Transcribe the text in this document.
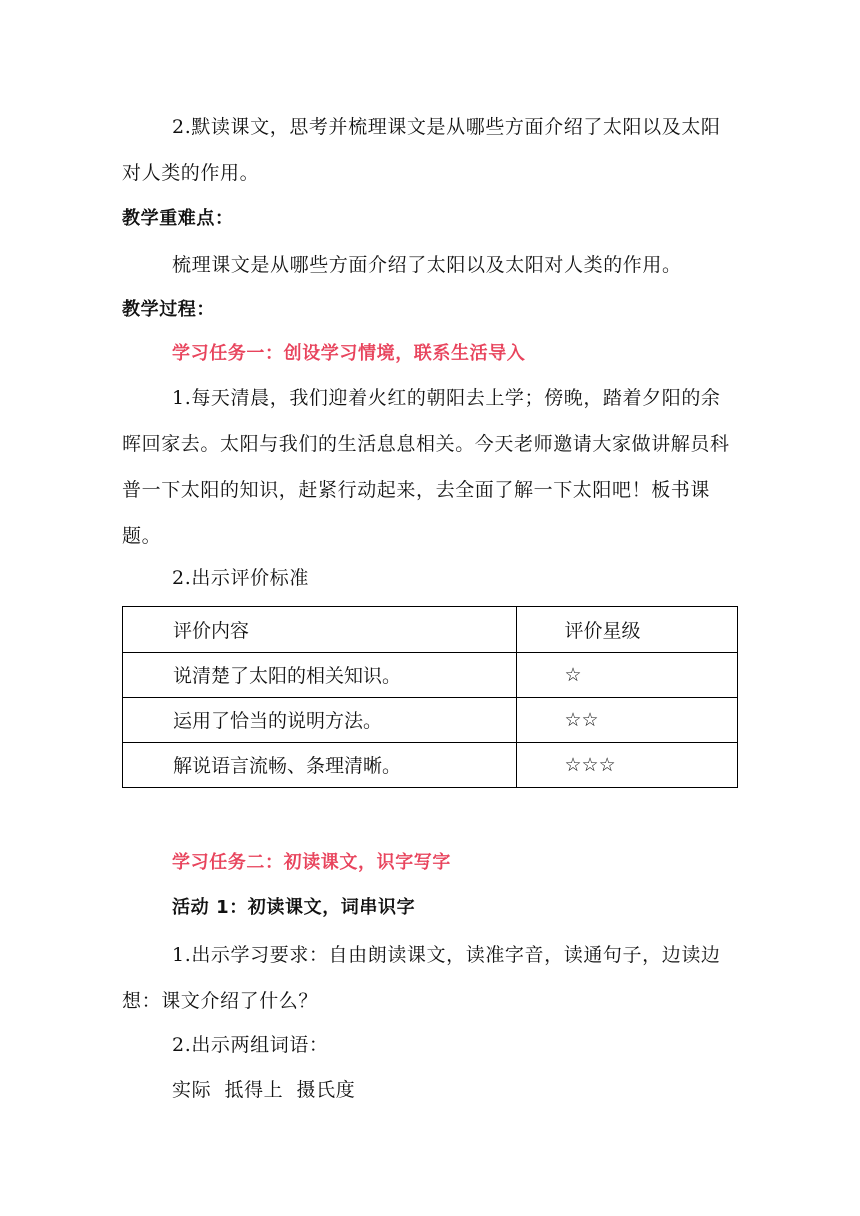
2.默读课文，思考并梳理课文是从哪些方面介绍了太阳以及太阳对人类的作用。

教学重难点：

梳理课文是从哪些方面介绍了太阳以及太阳对人类的作用。

教学过程：

学习任务一：创设学习情境，联系生活导入

1.每天清晨，我们迎着火红的朝阳去上学；傍晚，踏着夕阳的余晖回家去。太阳与我们的生活息息相关。今天老师邀请大家做讲解员科普一下太阳的知识，赶紧行动起来，去全面了解一下太阳吧！板书课题。

2.出示评价标准

评价内容	评价星级
说清楚了太阳的相关知识。	☆
运用了恰当的说明方法。	☆☆
解说语言流畅、条理清晰。	☆☆☆

学习任务二：初读课文，识字写字

活动 1：初读课文，词串识字

1.出示学习要求：自由朗读课文，读准字音，读通句子，边读边想：课文介绍了什么？

2.出示两组词语：

实际  抵得上  摄氏度
